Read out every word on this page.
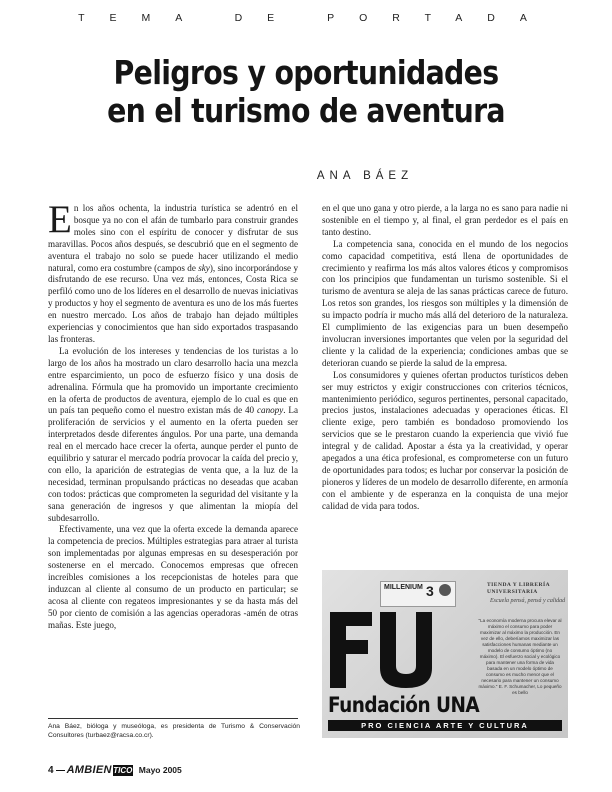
TEMA DE PORTADA
Peligros y oportunidades
en el turismo de aventura
ANA BÁEZ

En los años ochenta, la industria turística se adentró en el bosque ya no con el afán de tumbarlo para construir grandes moles sino con el espíritu de conocer y disfrutar de sus maravillas. Pocos años después, se descubrió que en el segmento de aventura el trabajo no solo se puede hacer utilizando el medio natural, como era costumbre (campos de sky), sino incorporándose y disfrutando de ese recurso. Una vez más, entonces, Costa Rica se perfiló como uno de los líderes en el desarrollo de nuevas iniciativas y productos y hoy el segmento de aventura es uno de los más fuertes en nuestro mercado. Los años de trabajo han dejado múltiples experiencias y conocimientos que han sido exportados traspasando las fronteras.

La evolución de los intereses y tendencias de los turistas a lo largo de los años ha mostrado un claro desarrollo hacia una mezcla entre esparcimiento, un poco de esfuerzo físico y una dosis de adrenalina. Fórmula que ha promovido un importante crecimiento en la oferta de productos de aventura, ejemplo de lo cual es que en un país tan pequeño como el nuestro existan más de 40 canopy. La proliferación de servicios y el aumento en la oferta pueden ser interpretados desde diferentes ángulos. Por una parte, una demanda real en el mercado hace crecer la oferta, aunque perder el punto de equilibrio y saturar el mercado podría provocar la caída del precio y, con ello, la aparición de estrategias de venta que, a la luz de la necesidad, terminan propulsando prácticas no deseadas que acaban con todos: prácticas que comprometen la seguridad del visitante y la sana generación de ingresos y que alimentan la miopía del subdesarrollo.

Efectivamente, una vez que la oferta excede la demanda aparece la competencia de precios. Múltiples estrategias para atraer al turista son implementadas por algunas empresas en su desesperación por sostenerse en el mercado. Conocemos empresas que ofrecen increíbles comisiones a los recepcionistas de hoteles para que induzcan al cliente al consumo de un producto en particular; se acosa al cliente con regateos impresionantes y se da hasta más del 50 por ciento de comisión a las agencias operadoras -amén de otras mañas. Este juego,

en el que uno gana y otro pierde, a la larga no es sano para nadie ni sostenible en el tiempo y, al final, el gran perdedor es el país en tanto destino.

La competencia sana, conocida en el mundo de los negocios como capacidad competitiva, está llena de oportunidades de crecimiento y reafirma los más altos valores éticos y compromisos con los principios que fundamentan un turismo sostenible. Si el turismo de aventura se aleja de las sanas prácticas carece de futuro. Los retos son grandes, los riesgos son múltiples y la dimensión de su impacto podría ir mucho más allá del deterioro de la naturaleza. El cumplimiento de las exigencias para un buen desempeño involucran inversiones importantes que velen por la seguridad del cliente y la calidad de la experiencia; condiciones ambas que se deterioran cuando se pierde la salud de la empresa.

Los consumidores y quienes ofertan productos turísticos deben ser muy estrictos y exigir construcciones con criterios técnicos, mantenimiento periódico, seguros pertinentes, personal capacitado, precios justos, instalaciones adecuadas y operaciones éticas. El cliente exige, pero también es bondadoso promoviendo los servicios que se le prestaron cuando la experiencia que vivió fue integral y de calidad. Apostar a ésta ya la creatividad, y operar apegados a una ética profesional, es comprometerse con un futuro de oportunidades para todos; es luchar por conservar la posición de pioneros y líderes de un modelo de desarrollo diferente, en armonía con el ambiente y de esperanza en la conquista de una mejor calidad de vida para todos.

MILLENIUM 3	TIENDA Y LIBRERÍA UNIVERSITARIA
Escuela pensá, pensá y calidad
"La economía moderna procura elevar al máximo el consumo para poder maximizar al máximo la producción. En vez de ello, deberíamos maximizar las satisfacciones humanas mediante un modelo de consumo óptimo (no máximo). El esfuerzo social y ecológico para mantener una forma de vida basada en un modelo óptimo de consumo es mucho menor que el necesario para mantener un consumo máximo." E. F. Schumacher, Lo pequeño es bello
Fundación UNA
PRO CIENCIA ARTE Y CULTURA
Ana Báez, bióloga y museóloga, es presidenta de Turismo & Conservación Consultores (turbaez@racsa.co.cr).
4 AMBIEN TICO Mayo 2005
